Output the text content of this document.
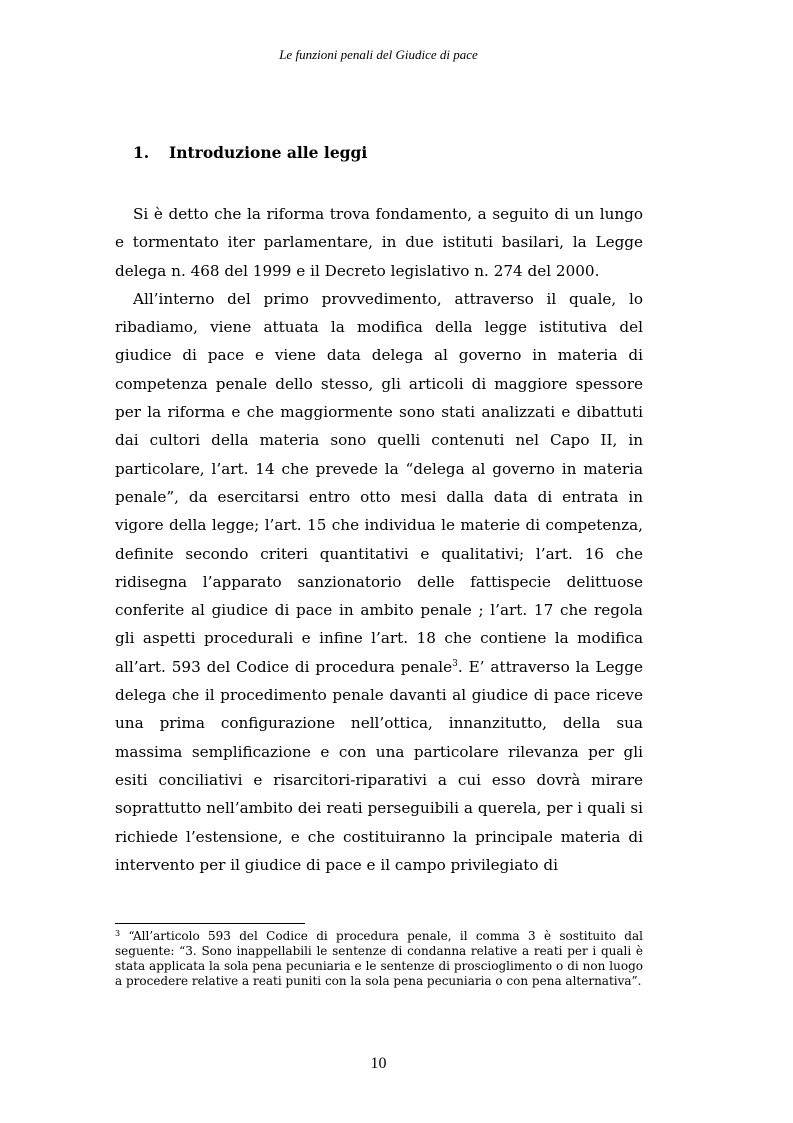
Le funzioni penali del Giudice di pace
1. Introduzione alle leggi

Si è detto che la riforma trova fondamento, a seguito di un lungo e tormentato iter parlamentare, in due istituti basilari, la Legge delega n. 468 del 1999 e il Decreto legislativo n. 274 del 2000.

All’interno del primo provvedimento, attraverso il quale, lo ribadiamo, viene attuata la modifica della legge istitutiva del giudice di pace e viene data delega al governo in materia di competenza penale dello stesso, gli articoli di maggiore spessore per la riforma e che maggiormente sono stati analizzati e dibattuti dai cultori della materia sono quelli contenuti nel Capo II, in particolare, l’art. 14 che prevede la “delega al governo in materia penale”, da esercitarsi entro otto mesi dalla data di entrata in vigore della legge; l’art. 15 che individua le materie di competenza, definite secondo criteri quantitativi e qualitativi; l’art. 16 che ridisegna l’apparato sanzionatorio delle fattispecie delittuose conferite al giudice di pace in ambito penale ; l’art. 17 che regola gli aspetti procedurali e infine l’art. 18 che contiene la modifica all’art. 593 del Codice di procedura penale$^3$. E’ attraverso la Legge delega che il procedimento penale davanti al giudice di pace riceve una prima configurazione nell’ottica, innanzitutto, della sua massima semplificazione e con una particolare rilevanza per gli esiti conciliativi e risarcitori-riparativi a cui esso dovrà mirare soprattutto nell’ambito dei reati perseguibili a querela, per i quali si richiede l’estensione, e che costituiranno la principale materia di intervento per il giudice di pace e il campo privilegiato di

$^3$ “All’articolo 593 del Codice di procedura penale, il comma 3 è sostituito dal seguente: “3. Sono inappellabili le sentenze di condanna relative a reati per i quali è stata applicata la sola pena pecuniaria e le sentenze di proscioglimento o di non luogo a procedere relative a reati puniti con la sola pena pecuniaria o con pena alternativa”.
10
